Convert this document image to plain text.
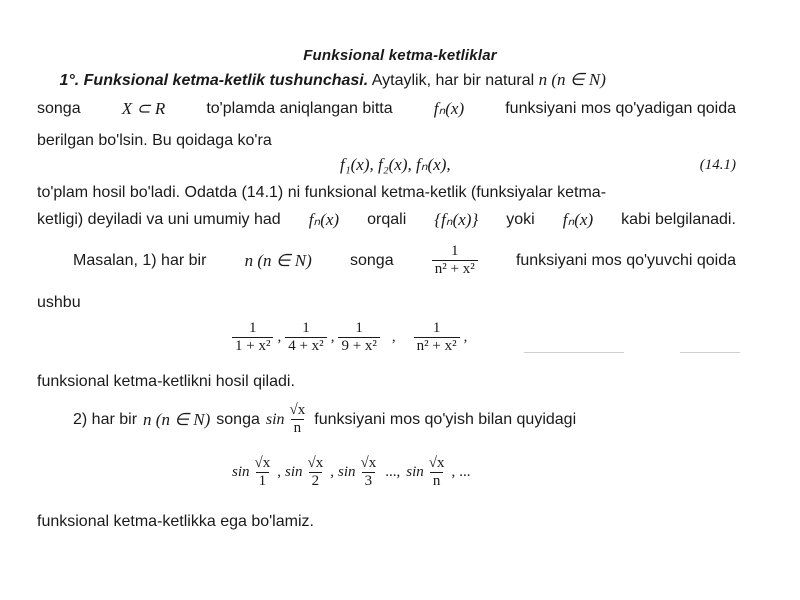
Funksional ketma-ketliklar
1°. Funksional ketma-ketlik tushunchasi. Aytaylik, har bir natural n (n ∈ N)
songa X ⊂ R	to'plamda aniqlangan bitta fₙ(x)	funksiyani mos qo'yadigan qoida
berilgan bo'lsin. Bu qoidaga ko'ra
f₁(x), f₂(x), fₙ(x),	(14.1)
to'plam hosil bo'ladi. Odatda (14.1) ni funksional ketma-ketlik (funksiyalar ketma-
ketligi) deyiladi va uni umumiy had fₙ(x) orqali {fₙ(x)} yoki fₙ(x) kabi belgilanadi.
Masalan, 1) har bir n (n ∈ N) songa	$\frac{1}{\text{n² + x²}}$ funksiyani mos qo'yuvchi qoida
ushbu
$\frac{1}{\text{1 + x²}}$ , $\frac{1}{\text{4 + x²}}$ , $\frac{1}{\text{9 + x²}}$ , $\frac{1}{\text{n² + x²}}$ ,
funksional ketma-ketlikni hosil qiladi.
2) har bir n (n ∈ N) songa $\sin \frac{√x}{n}$ funksiyani mos qo'yish bilan quyidagi
$\sin \frac{√x}{1}$ , $\sin \frac{√x}{2}$ , $\sin \frac{√x}{3}$ ..., $\sin \frac{√x}{n}$ , ...
funksional ketma-ketlikka ega bo'lamiz.
